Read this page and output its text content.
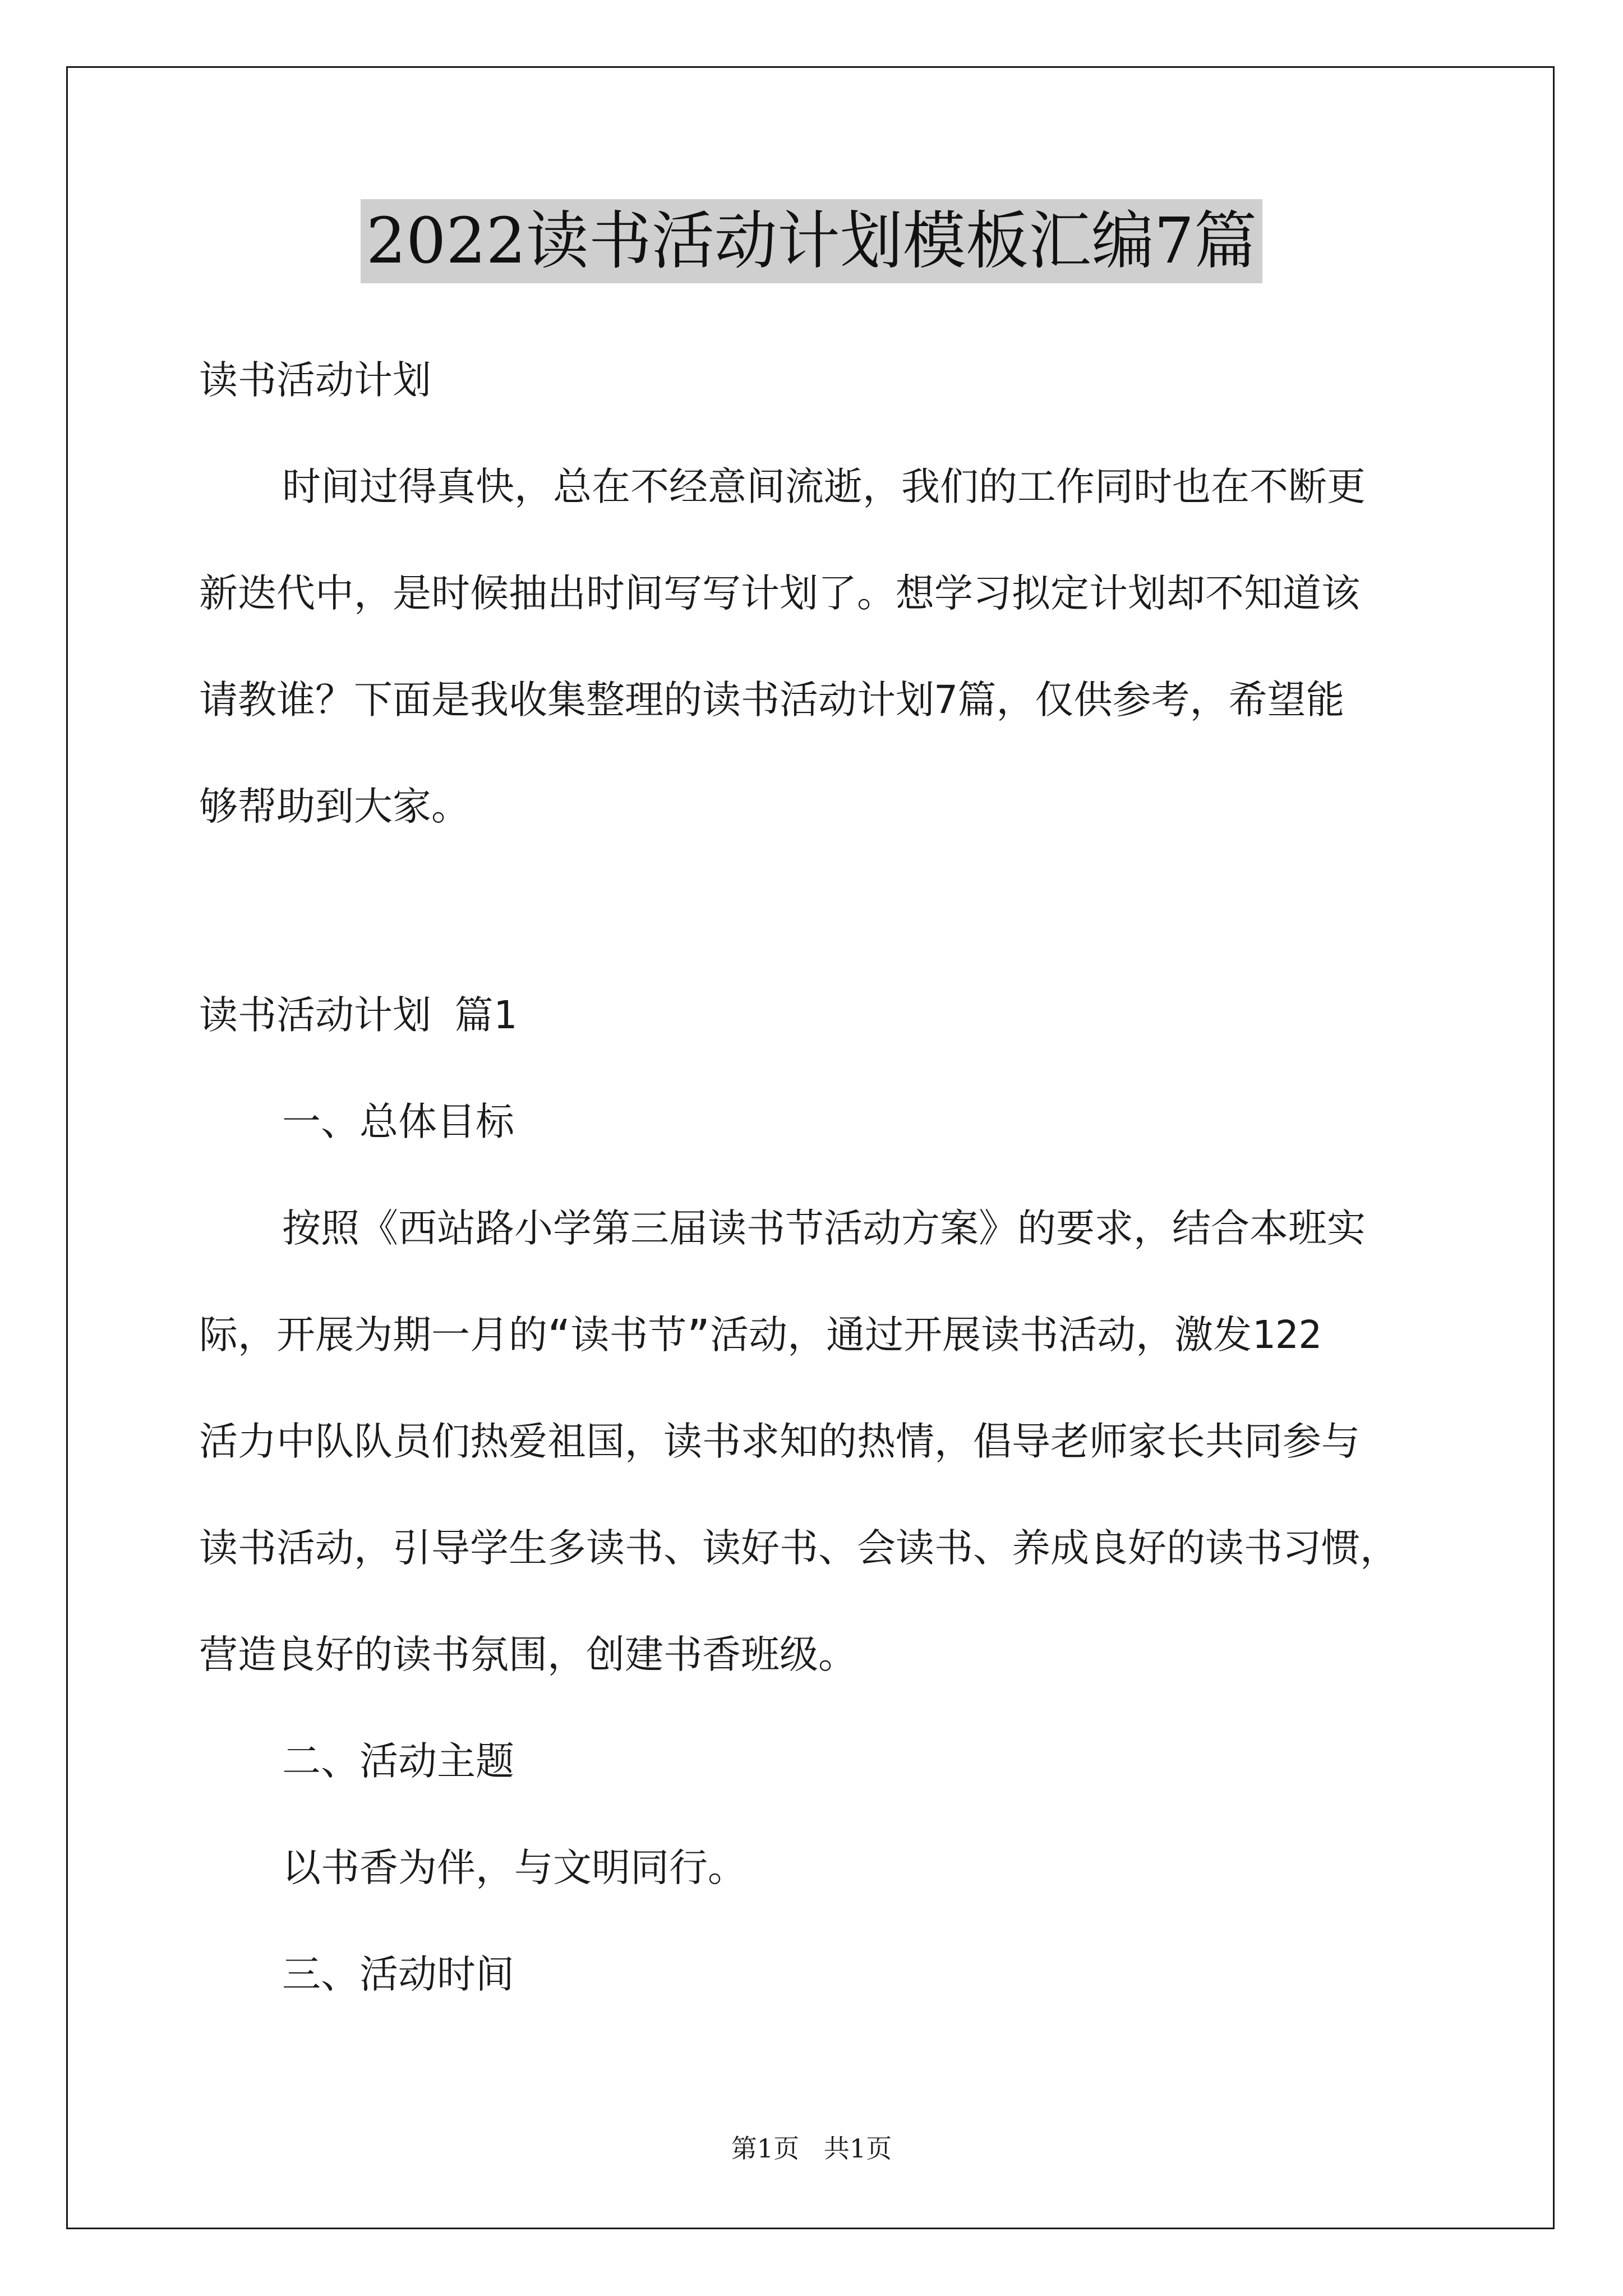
2022读书活动计划模板汇编7篇
读书活动计划
时间过得真快，总在不经意间流逝，我们的工作同时也在不断更
新迭代中，是时候抽出时间写写计划了。想学习拟定计划却不知道该
请教谁？下面是我收集整理的读书活动计划7篇，仅供参考，希望能
够帮助到大家。
读书活动计划 篇1
一、总体目标
按照《西站路小学第三届读书节活动方案》的要求，结合本班实
际，开展为期一月的“读书节”活动，通过开展读书活动，激发122
活力中队队员们热爱祖国，读书求知的热情，倡导老师家长共同参与
读书活动，引导学生多读书、读好书、会读书、养成良好的读书习惯，
营造良好的读书氛围，创建书香班级。
二、活动主题
以书香为伴，与文明同行。
三、活动时间
第1页   共1页
